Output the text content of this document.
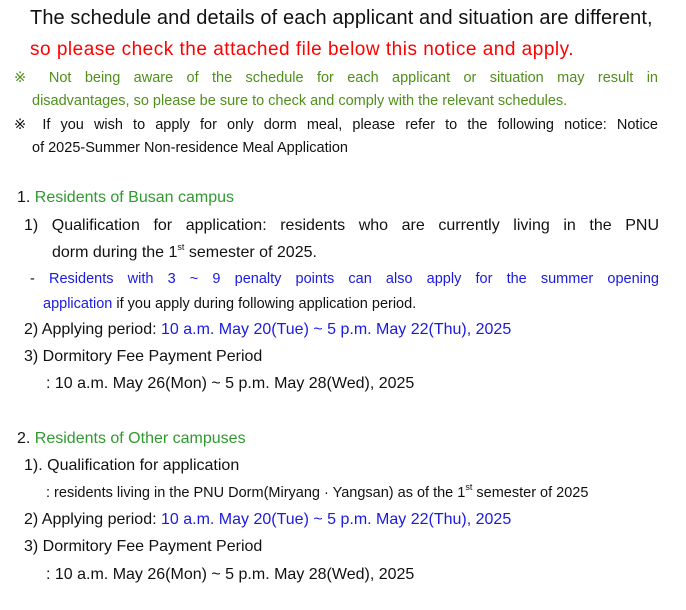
The schedule and details of each applicant and situation are different,
so please check the attached file below this notice and apply.
※ Not being aware of the schedule for each applicant or situation may result in
disadvantages, so please be sure to check and comply with the relevant schedules.
※ If you wish to apply for only dorm meal, please refer to the following notice: Notice
of 2025-Summer Non-residence Meal Application
1. Residents of Busan campus
1) Qualification for application: residents who are currently living in the PNU
dorm during the 1st semester of 2025.
- Residents with 3 ~ 9 penalty points can also apply for the summer opening
application if you apply during following application period.
2) Applying period: 10 a.m. May 20(Tue) ~ 5 p.m. May 22(Thu), 2025
3) Dormitory Fee Payment Period
: 10 a.m. May 26(Mon) ~ 5 p.m. May 28(Wed), 2025
2. Residents of Other campuses
1). Qualification for application
: residents living in the PNU Dorm(Miryang · Yangsan) as of the 1st semester of 2025
2) Applying period: 10 a.m. May 20(Tue) ~ 5 p.m. May 22(Thu), 2025
3) Dormitory Fee Payment Period
: 10 a.m. May 26(Mon) ~ 5 p.m. May 28(Wed), 2025
